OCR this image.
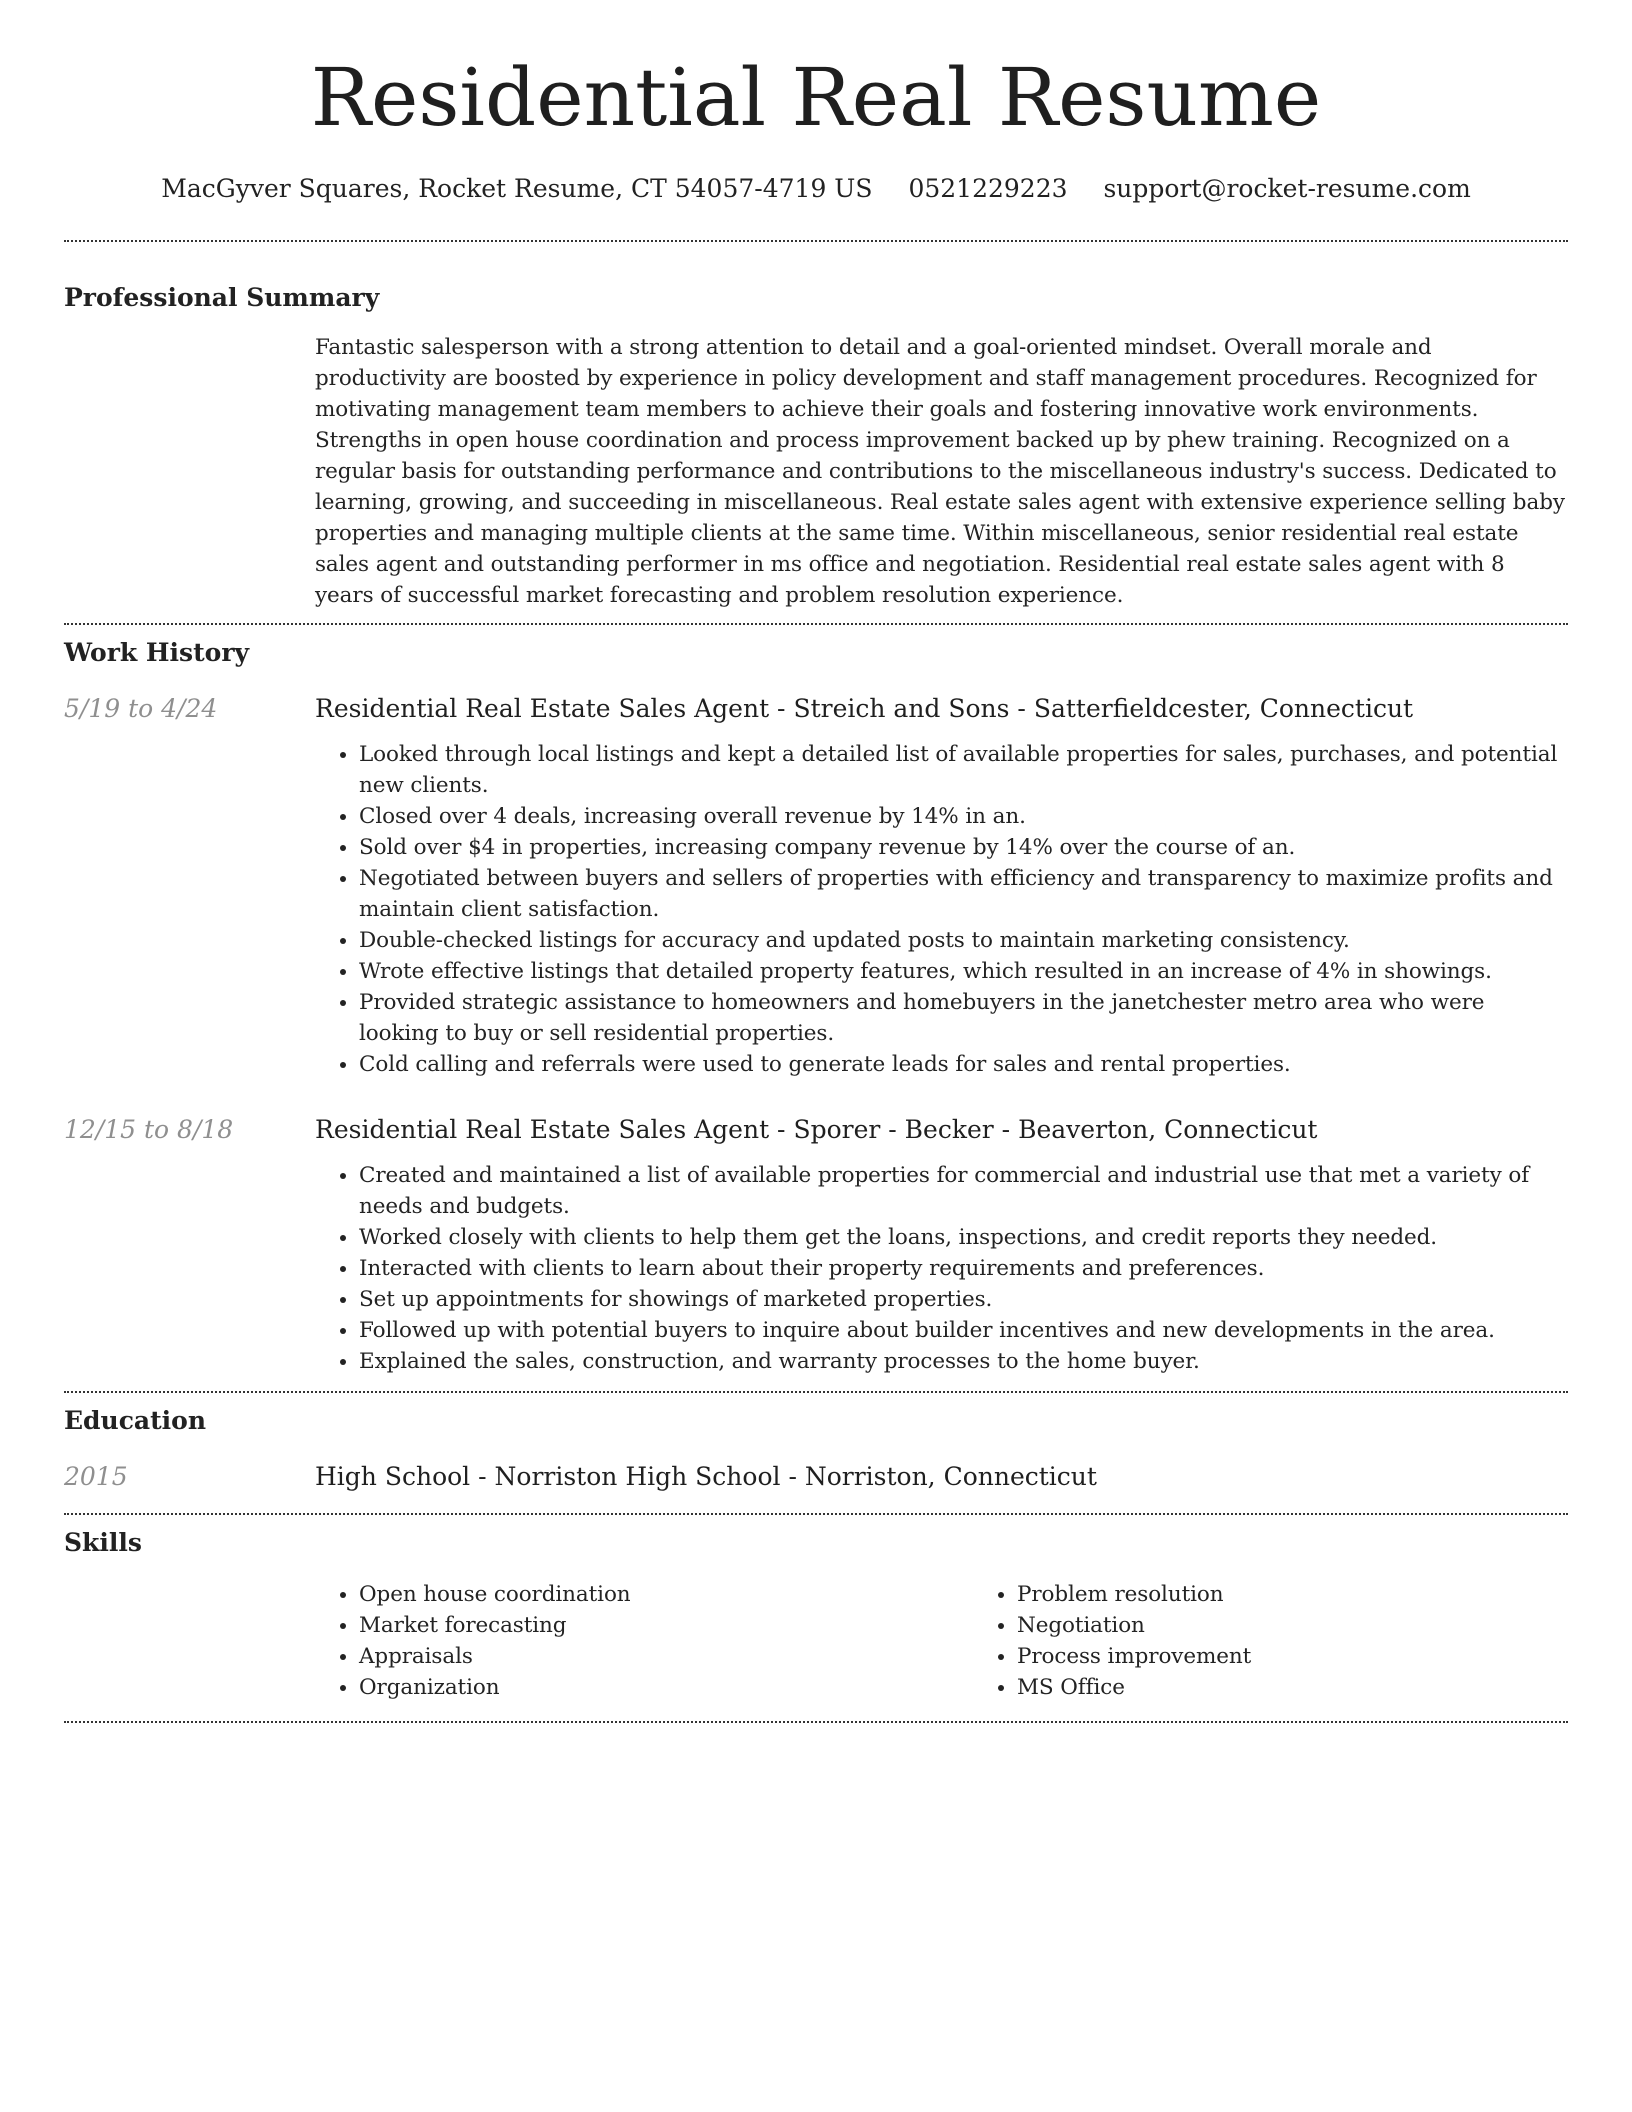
Residential Real Resume
MacGyver Squares, Rocket Resume, CT 54057-4719 US 0521229223 support@rocket-resume.com
Professional Summary

Fantastic salesperson with a strong attention to detail and a goal-oriented mindset. Overall morale and productivity are boosted by experience in policy development and staff management procedures. Recognized for motivating management team members to achieve their goals and fostering innovative work environments. Strengths in open house coordination and process improvement backed up by phew training. Recognized on a regular basis for outstanding performance and contributions to the miscellaneous industry's success. Dedicated to learning, growing, and succeeding in miscellaneous. Real estate sales agent with extensive experience selling baby properties and managing multiple clients at the same time. Within miscellaneous, senior residential real estate sales agent and outstanding performer in ms office and negotiation. Residential real estate sales agent with 8 years of successful market forecasting and problem resolution experience.

Work History
5/19 to 4/24	Residential Real Estate Sales Agent - Streich and Sons - Satterfieldcester, Connecticut
• Looked through local listings and kept a detailed list of available properties for sales, purchases, and potential new clients.
• Closed over 4 deals, increasing overall revenue by 14% in an.
• Sold over $4 in properties, increasing company revenue by 14% over the course of an.
• Negotiated between buyers and sellers of properties with efficiency and transparency to maximize profits and maintain client satisfaction.
• Double-checked listings for accuracy and updated posts to maintain marketing consistency.
• Wrote effective listings that detailed property features, which resulted in an increase of 4% in showings.
• Provided strategic assistance to homeowners and homebuyers in the janetchester metro area who were looking to buy or sell residential properties.
• Cold calling and referrals were used to generate leads for sales and rental properties.
12/15 to 8/18	Residential Real Estate Sales Agent - Sporer - Becker - Beaverton, Connecticut
• Created and maintained a list of available properties for commercial and industrial use that met a variety of needs and budgets.
• Worked closely with clients to help them get the loans, inspections, and credit reports they needed.
• Interacted with clients to learn about their property requirements and preferences.
• Set up appointments for showings of marketed properties.
• Followed up with potential buyers to inquire about builder incentives and new developments in the area.
• Explained the sales, construction, and warranty processes to the home buyer.
Education
2015	High School - Norriston High School - Norriston, Connecticut
Skills
• Open house coordination
• Market forecasting
• Appraisals
• Organization
• Problem resolution
• Negotiation
• Process improvement
• MS Office
